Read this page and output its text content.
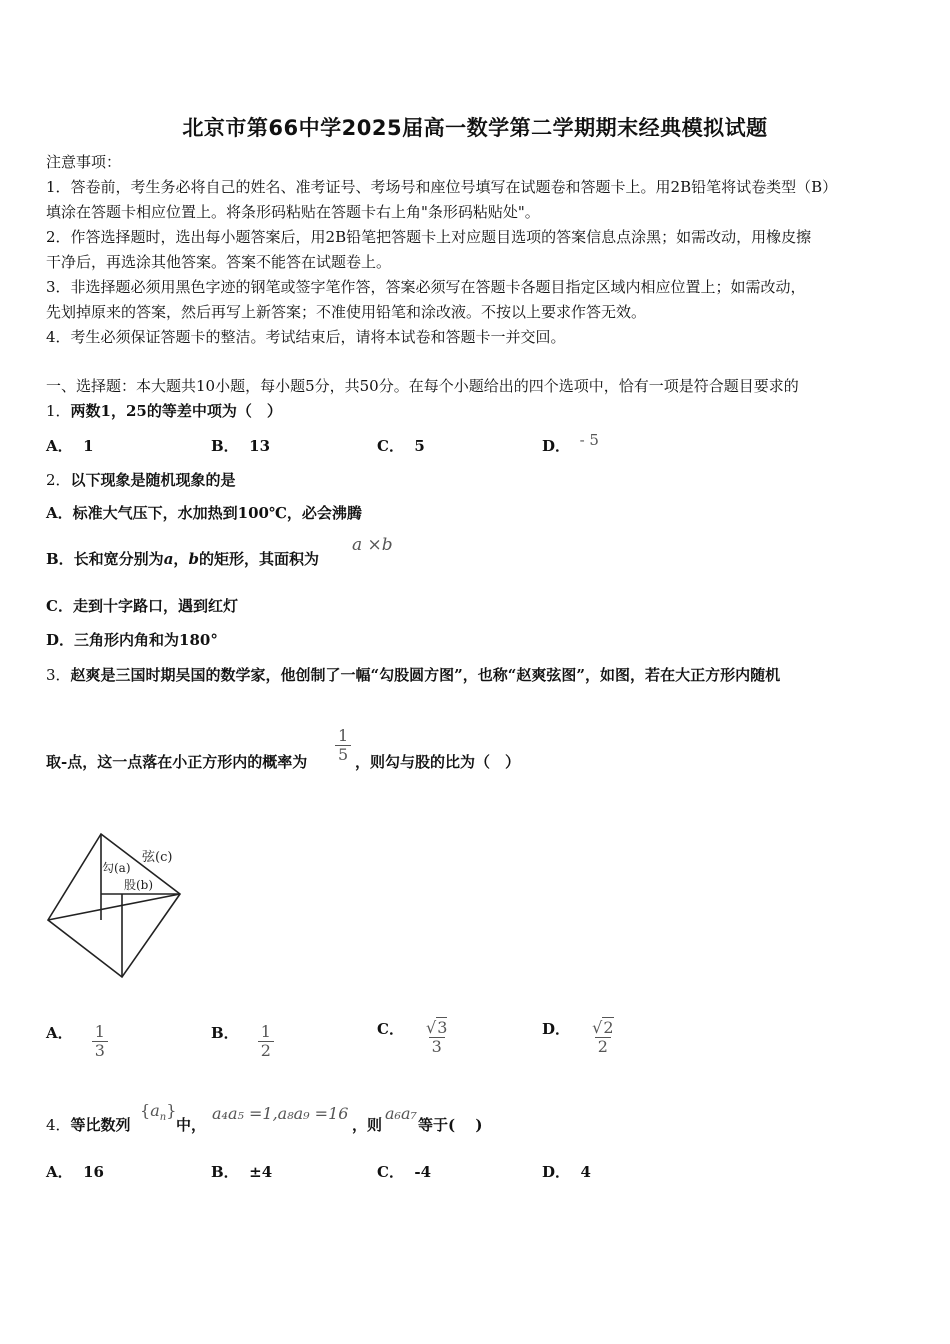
北京市第66中学2025届高一数学第二学期期末经典模拟试题
注意事项：
1．答卷前，考生务必将自己的姓名、准考证号、考场号和座位号填写在试题卷和答题卡上。用2B铅笔将试卷类型（B）
填涂在答题卡相应位置上。将条形码粘贴在答题卡右上角"条形码粘贴处"。
2．作答选择题时，选出每小题答案后，用2B铅笔把答题卡上对应题目选项的答案信息点涂黑；如需改动，用橡皮擦
干净后，再选涂其他答案。答案不能答在试题卷上。
3．非选择题必须用黑色字迹的钢笔或签字笔作答，答案必须写在答题卡各题目指定区域内相应位置上；如需改动，
先划掉原来的答案，然后再写上新答案；不准使用铅笔和涂改液。不按以上要求作答无效。
4．考生必须保证答题卡的整洁。考试结束后，请将本试卷和答题卡一并交回。
一、选择题：本大题共10小题，每小题5分，共50分。在每个小题给出的四个选项中，恰有一项是符合题目要求的
1．两数1，25的等差中项为（　）
A． 1	B． 13	C． 5	D． - 5
2．以下现象是随机现象的是
A．标准大气压下，水加热到100℃，必会沸腾
B．长和宽分别为a，b的矩形，其面积为
a ×b
C．走到十字路口，遇到红灯
D．三角形内角和为180°
3．赵爽是三国时期吴国的数学家，他创制了一幅“勾股圆方图”，也称“赵爽弦图”，如图，若在大正方形内随机
取-点，这一点落在小正方形内的概率为 $\frac{1}{5}$ ，则勾与股的比为（　）
弦(c)
勾(a)
股(b)
A． $\frac{1}{3}$	B． $\frac{1}{2}$	C． $\frac{√3}{3}$	D． $\frac{√2}{2}$
4．等比数列
$\{a_n\}$
中，
a₄a₅ =1,a₈a₉ =16
，则
a₆a₇
等于(　 )
A． 16	B． ±4	C． -4	D． 4
